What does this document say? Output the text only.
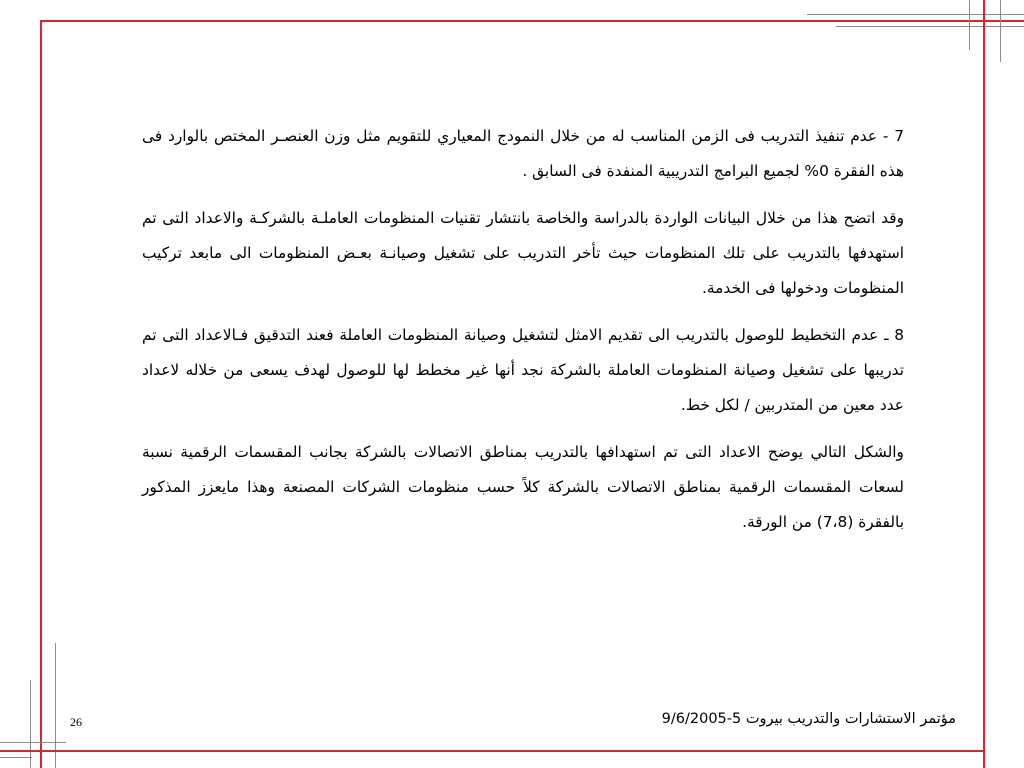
7 - عدم تنفيذ التدريب فى الزمن المناسب له من خلال النمودج المعياري للتقويم مثل وزن العنصـر المختص بالوارد فى هذه الفقرة 0% لجميع البرامج التدريبية المنفدة فى السابق .

وقد اتضح هذا من خلال البيانات الواردة بالدراسة والخاصة بانتشار تقنيات المنظومات العاملـة بالشركـة والاعداد التى تم استهدفها بالتدريب على تلك المنظومات حيث تأخر التدريب على تشغيل وصيانـة بعـض المنظومات الى مابعد تركيب المنظومات ودخولها فى الخدمة.

8 ـ عدم التخطيط للوصول بالتدريب الى تقديم الامثل لتشغيل وصيانة المنظومات العاملة فعند التدقيق فـالاعداد التى تم تدريبها على تشغيل وصيانة المنظومات العاملة بالشركة نجد أنها غير مخطط لها للوصول لهدف يسعى من خلاله لاعداد عدد معين من المتدربين / لكل خط.

والشكل التالي يوضح الاعداد التى تم استهدافها بالتدريب بمناطق الاتصالات بالشركة بجانب المقسمات الرقمية نسبة لسعات المقسمات الرقمية بمناطق الاتصالات بالشركة كلاً حسب منظومات الشركات المصنعة وهذا مايعزز المذكور بالفقرة (7،8) من الورقة.

مؤتمر الاستشارات والتدريب بيروت 5-9/6/2005
26
